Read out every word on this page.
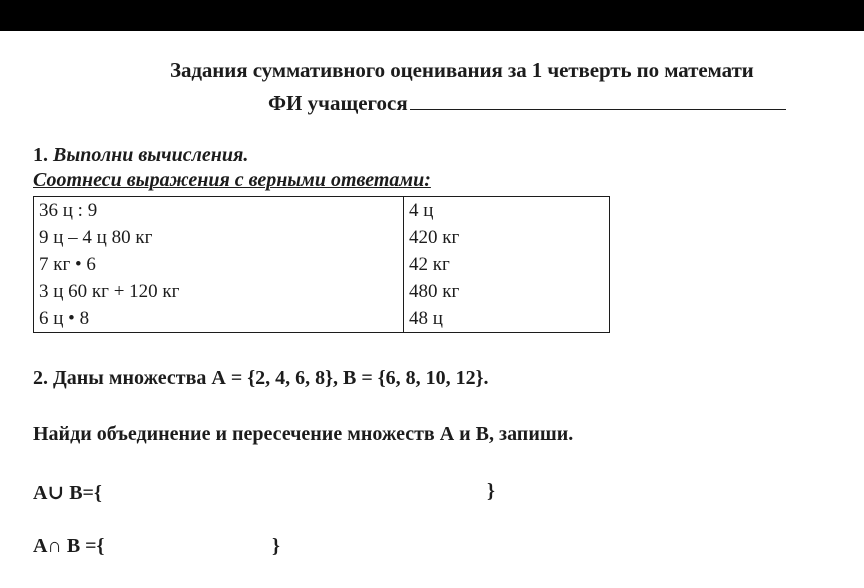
Задания суммативного оценивания за 1 четверть по математи
ФИ учащегося
1. Выполни вычисления.
Соотнеси выражения с верными ответами:
36 ц : 9	4 ц
9 ц – 4 ц 80 кг	420 кг
7 кг • 6	42 кг
3 ц 60 кг + 120 кг	480 кг
6 ц • 8	48 ц
2. Даны множества А = {2, 4, 6, 8}, В = {6, 8, 10, 12}.
Найди объединение и пересечение множеств А и В, запиши.
А∪ В={	}
А∩ В ={	}
